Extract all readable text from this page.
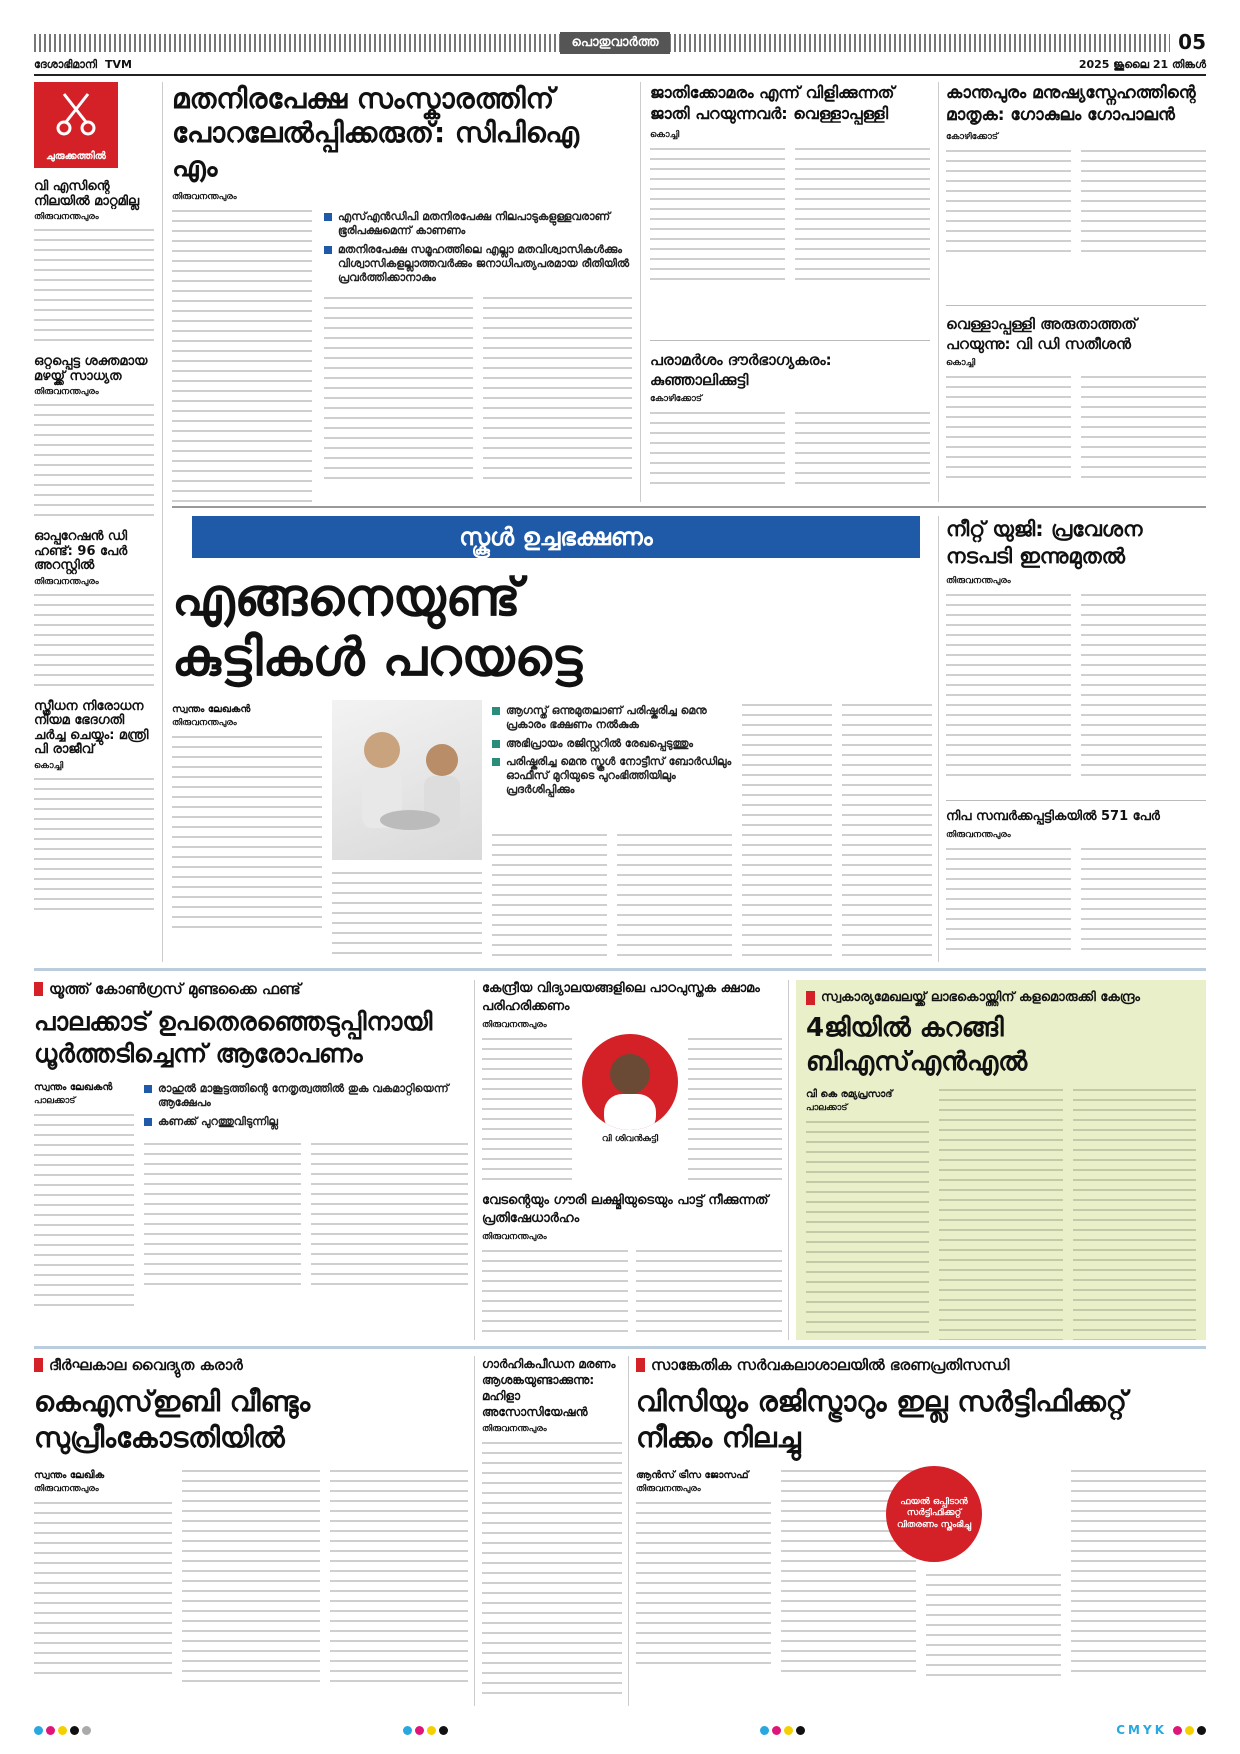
പൊതുവാർത്ത	05
ദേശാഭിമാനി TVM	2025 ജൂലൈ 21 തിങ്കൾ
ചുരുക്കത്തിൽ
വി എസിന്റെ നിലയിൽ മാറ്റമില്ല
തിരുവനന്തപുരം
ഒറ്റപ്പെട്ട ശക്തമായ മഴയ്ക്ക് സാധ്യത
തിരുവനന്തപുരം
ഓപ്പറേഷൻ ഡി ഹണ്ട്: 96 പേർ അറസ്റ്റിൽ
തിരുവനന്തപുരം
സ്ത്രീധന നിരോധന നിയമ ഭേദഗതി ചർച്ച ചെയ്യും: മന്ത്രി പി രാജീവ്
കൊച്ചി
മതനിരപേക്ഷ സംസ്കാരത്തിന് പോറലേൽപ്പിക്കരുത്: സിപിഐ എം
തിരുവനന്തപുരം
എസ്എൻഡിപി മതനിരപേക്ഷ നിലപാടുകളുള്ളവരാണ് ഭൂരിപക്ഷമെന്ന് കാണണം
മതനിരപേക്ഷ സമൂഹത്തിലെ എല്ലാ മതവിശ്വാസികൾക്കും വിശ്വാസികളല്ലാത്തവർക്കും ജനാധിപത്യപരമായ രീതിയിൽ പ്രവർത്തിക്കാനാകും
ജാതിക്കോമരം എന്ന് വിളിക്കുന്നത് ജാതി പറയുന്നവർ: വെള്ളാപ്പള്ളി
കൊച്ചി
പരാമർശം ദൗർഭാഗ്യകരം: കുഞ്ഞാലിക്കുട്ടി
കോഴിക്കോട്
കാന്തപുരം മനുഷ്യസ്നേഹത്തിന്റെ മാതൃക: ഗോകുലം ഗോപാലൻ
കോഴിക്കോട്
വെള്ളാപ്പള്ളി അരുതാത്തത് പറയുന്നു: വി ഡി സതീശൻ
കൊച്ചി
സ്കൂൾ ഉച്ചഭക്ഷണം
എങ്ങനെയുണ്ട്
കുട്ടികൾ പറയട്ടെ
സ്വന്തം ലേഖകൻ
തിരുവനന്തപുരം
ആഗസ്ത് ഒന്നുമുതലാണ് പരിഷ്കരിച്ച മെനു പ്രകാരം ഭക്ഷണം നൽകുക
അഭിപ്രായം രജിസ്റ്ററിൽ രേഖപ്പെടുത്തും
പരിഷ്കരിച്ച മെനു സ്കൂൾ നോട്ടീസ് ബോർഡിലും ഓഫീസ് മുറിയുടെ പുറംഭിത്തിയിലും പ്രദർശിപ്പിക്കും
നീറ്റ് യുജി: പ്രവേശന നടപടി ഇന്നുമുതൽ
തിരുവനന്തപുരം
നിപ സമ്പർക്കപ്പട്ടികയിൽ 571 പേർ
തിരുവനന്തപുരം
യൂത്ത് കോൺഗ്രസ് മുണ്ടക്കൈ ഫണ്ട്
പാലക്കാട് ഉപതെരഞ്ഞെടുപ്പിനായി ധൂർത്തടിച്ചെന്ന് ആരോപണം
സ്വന്തം ലേഖകൻ
പാലക്കാട്
രാഹുൽ മാങ്കൂട്ടത്തിന്റെ നേതൃത്വത്തിൽ തുക വകമാറ്റിയെന്ന് ആക്ഷേപം
കണക്ക് പുറത്തുവിടുന്നില്ല
കേന്ദ്രീയ വിദ്യാലയങ്ങളിലെ പാഠപുസ്തക ക്ഷാമം പരിഹരിക്കണം
തിരുവനന്തപുരം
വി ശിവൻകുട്ടി
വേടന്റെയും ഗൗരി ലക്ഷ്മിയുടെയും പാട്ട് നീക്കുന്നത് പ്രതിഷേധാർഹം
തിരുവനന്തപുരം
സ്വകാര്യമേഖലയ്ക്ക് ലാഭകൊയ്ത്തിന് കളമൊരുക്കി കേന്ദ്രം
4ജിയിൽ കറങ്ങി ബിഎസ്എൻഎൽ
വി കെ രമ്യപ്രസാദ്
പാലക്കാട്
ദീർഘകാല വൈദ്യുത കരാർ
കെഎസ്ഇബി വീണ്ടും സുപ്രീംകോടതിയിൽ
സ്വന്തം ലേഖിക
തിരുവനന്തപുരം
ഗാർഹികപീഡന മരണം ആശങ്കയുണ്ടാക്കുന്നു: മഹിളാ അസോസിയേഷൻ
തിരുവനന്തപുരം
സാങ്കേതിക സർവകലാശാലയിൽ ഭരണപ്രതിസന്ധി
വിസിയും രജിസ്ട്രാറും ഇല്ല സർട്ടിഫിക്കറ്റ് നീക്കം നിലച്ചു
ആൻസ് ട്രീസ ജോസഫ്
തിരുവനന്തപുരം
ഫയൽ ഒപ്പിടാൻ സർട്ടിഫിക്കറ്റ് വിതരണം സ്തംഭിച്ചു
CMYK
